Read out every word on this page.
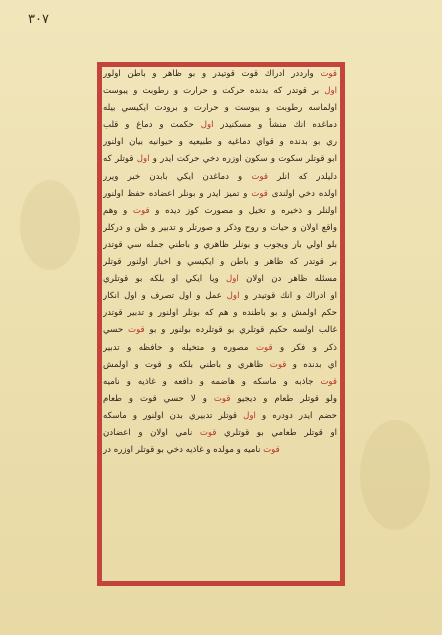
٣٠٧
قوت وارددر ادراك قوت قوتيدر و بو ظاهر و باطن اولور
اول بر قوتدر كه بدنده حركت و حرارت و رطوبت و يبوست
اولماسه رطوبت و يبوست و حرارت و برودت ايكيسي بيله
دماغده انك منشأ و مسكنيدر اول حكمت و دماغ و قلب
ري بو بدنده و قواي دماغيه و طبيعيه و حيوانيه بيان اولنور
ابو قوتلر سكوت و سكون اوزره دخي حركت ايدر و اول قوتلر كه
دليلدر كه انلر قوت و دماغدن ايكي بابدن خبر ويرر
اولده دخي اولندى قوت و تميز ايدر و بونلر اعضاده حفظ اولنور
اولنلر و ذخيره و تخيل و مصورت كوز ديده و قوت و وهم
واقع اولان و حيات و روح وذكر و صورتلر و تدبير و ظن و دركلر
بلو اولي بار ويجوب و بونلر ظاهري و باطني جمله سي قوتدر
بر قوتدر كه ظاهر و باطن و ايكيسي و اخبار اولنور قوتلر
مسئله ظاهر دن اولان اول ويا ايكي او بلكه بو قوتلري
او ادراك و انك قوتيدر و اول عمل و اول تصرف و اول انكار
حكم اولمش و بو باطنده و هم كه بونلر اولنور و تدبير قوتدر
غالب اولسه حكيم قوتلري بو قوتلرده بولنور و بو قوت حسي
ذكر و فكر و قوت مصوره و متخيله و حافظه و تدبير
اي بدنده و قوت ظاهري و باطني بلكه و قوت و اولمش
قوت جاذبه و ماسكه و هاضمه و دافعه و غاذيه و ناميه
ولو قوتلر طعام و ديجيو قوت و لا حسي قوت و طعام
حضم ايدر دودره و اول قوتلر تدبيري بدن اولنور و ماسكه
او قوتلر طعامي بو قوتلري قوت نامي اولان و اعضادن
قوت ناميه و مولده و غاذيه دخي بو قوتلر اوزره در
